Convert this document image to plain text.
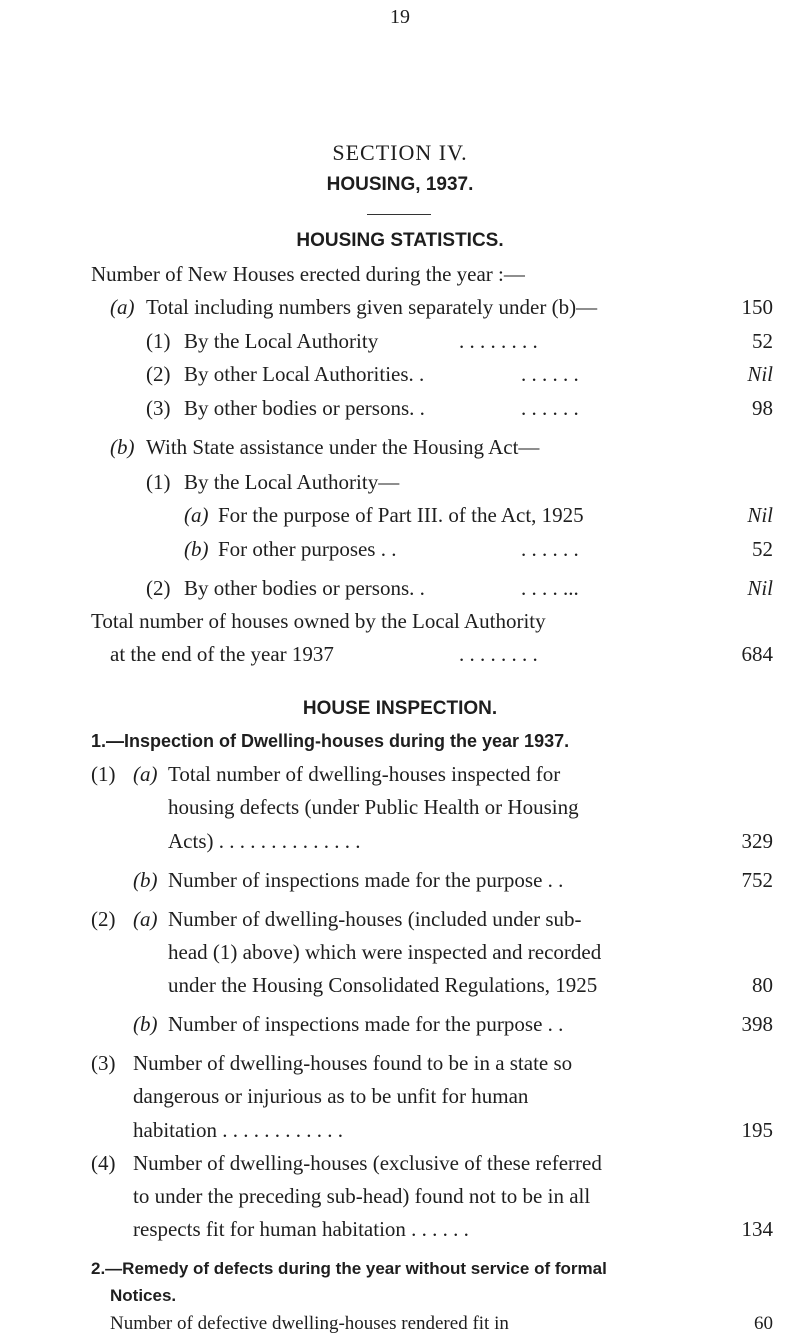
19
SECTION IV.
HOUSING, 1937.
HOUSING STATISTICS.
Number of New Houses erected during the year :—
(a) Total including numbers given separately under (b)—	150
(1) By the Local Authority	. . . . . . . .	52
(2) By other Local Authorities. .	. . . . . .	Nil
(3) By other bodies or persons. .	. . . . . .	98
(b) With State assistance under the Housing Act—
(1) By the Local Authority—
(a) For the purpose of Part III. of the Act, 1925	Nil
(b) For other purposes . .	. . . . . .	52
(2) By other bodies or persons. .	. . . . ...	Nil
Total number of houses owned by the Local Authority
at the end of the year 1937	. . . . . . . .	684
HOUSE INSPECTION.
1.—Inspection of Dwelling-houses during the year 1937.
(1) (a) Total number of dwelling-houses inspected for
housing defects (under Public Health or Housing
Acts) . . . . . . . . . . . . . .	329
(b) Number of inspections made for the purpose . .	752
(2) (a) Number of dwelling-houses (included under sub-
head (1) above) which were inspected and recorded
under the Housing Consolidated Regulations, 1925	80
(b) Number of inspections made for the purpose . .	398
(3) Number of dwelling-houses found to be in a state so
dangerous or injurious as to be unfit for human
habitation . . . . . . . . . . . .	195
(4) Number of dwelling-houses (exclusive of these referred
to under the preceding sub-head) found not to be in all
respects fit for human habitation . . . . . .	134
2.—Remedy of defects during the year without service of formal
Notices.
Number of defective dwelling-houses rendered fit in	60
